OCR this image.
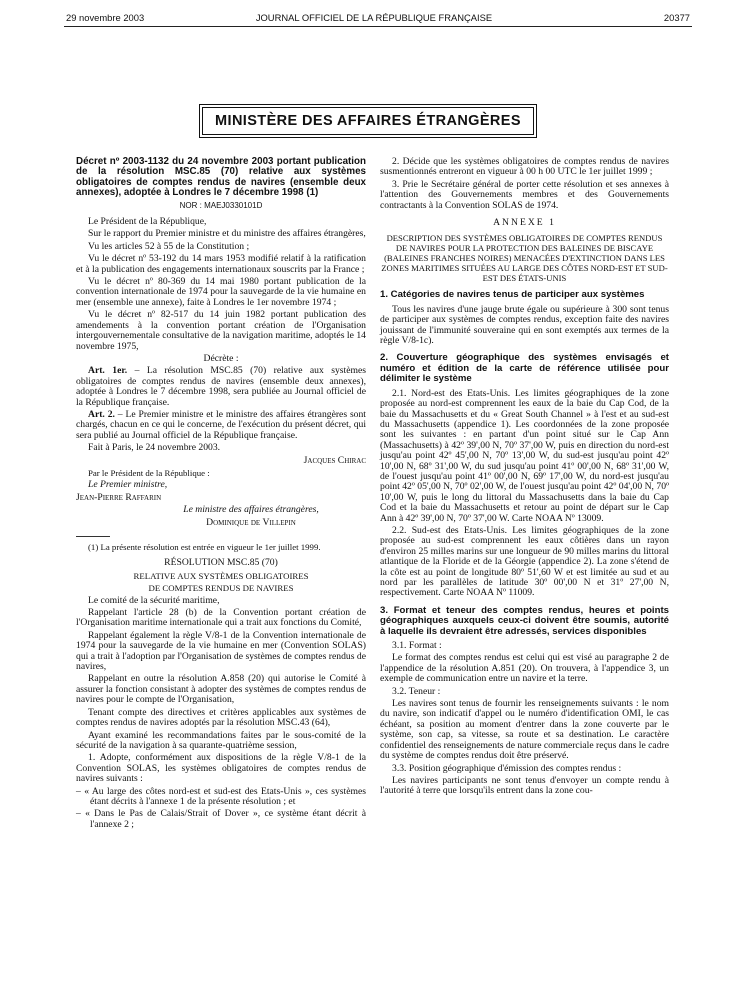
29 novembre 2003	JOURNAL OFFICIEL DE LA RÉPUBLIQUE FRANÇAISE	20377
MINISTÈRE DES AFFAIRES ÉTRANGÈRES

Décret nº 2003-1132 du 24 novembre 2003 portant publication de la résolution MSC.85 (70) relative aux systèmes obligatoires de comptes rendus de navires (ensemble deux annexes), adoptée à Londres le 7 décembre 1998 (1)

NOR : MAEJ0330101D

Le Président de la République,

Sur le rapport du Premier ministre et du ministre des affaires étrangères,

Vu les articles 52 à 55 de la Constitution ;

Vu le décret nº 53-192 du 14 mars 1953 modifié relatif à la ratification et à la publication des engagements internationaux souscrits par la France ;

Vu le décret nº 80-369 du 14 mai 1980 portant publication de la convention internationale de 1974 pour la sauvegarde de la vie humaine en mer (ensemble une annexe), faite à Londres le 1er novembre 1974 ;

Vu le décret nº 82-517 du 14 juin 1982 portant publication des amendements à la convention portant création de l'Organisation intergouvernementale consultative de la navigation maritime, adoptés le 14 novembre 1975,

Décrète :

Art. 1er. – La résolution MSC.85 (70) relative aux systèmes obligatoires de comptes rendus de navires (ensemble deux annexes), adoptée à Londres le 7 décembre 1998, sera publiée au Journal officiel de la République française.

Art. 2. – Le Premier ministre et le ministre des affaires étrangères sont chargés, chacun en ce qui le concerne, de l'exécution du présent décret, qui sera publié au Journal officiel de la République française.

Fait à Paris, le 24 novembre 2003.

Jacques Chirac

Par le Président de la République :

Le Premier ministre,

Jean-Pierre Raffarin

Le ministre des affaires étrangères,

Dominique de Villepin

(1) La présente résolution est entrée en vigueur le 1er juillet 1999.

RÉSOLUTION MSC.85 (70)

RELATIVE AUX SYSTÈMES OBLIGATOIRES

DE COMPTES RENDUS DE NAVIRES

Le comité de la sécurité maritime,

Rappelant l'article 28 (b) de la Convention portant création de l'Organisation maritime internationale qui a trait aux fonctions du Comité,

Rappelant également la règle V/8-1 de la Convention internationale de 1974 pour la sauvegarde de la vie humaine en mer (Convention SOLAS) qui a trait à l'adoption par l'Organisation de systèmes de comptes rendus de navires,

Rappelant en outre la résolution A.858 (20) qui autorise le Comité à assurer la fonction consistant à adopter des systèmes de comptes rendus de navires pour le compte de l'Organisation,

Tenant compte des directives et critères applicables aux systèmes de comptes rendus de navires adoptés par la résolution MSC.43 (64),

Ayant examiné les recommandations faites par le sous-comité de la sécurité de la navigation à sa quarante-quatrième session,

1. Adopte, conformément aux dispositions de la règle V/8-1 de la Convention SOLAS, les systèmes obligatoires de comptes rendus de navires suivants :

– « Au large des côtes nord-est et sud-est des Etats-Unis », ces systèmes étant décrits à l'annexe 1 de la présente résolution ; et

– « Dans le Pas de Calais/Strait of Dover », ce système étant décrit à l'annexe 2 ;

2. Décide que les systèmes obligatoires de comptes rendus de navires susmentionnés entreront en vigueur à 00 h 00 UTC le 1er juillet 1999 ;

3. Prie le Secrétaire général de porter cette résolution et ses annexes à l'attention des Gouvernements membres et des Gouvernements contractants à la Convention SOLAS de 1974.

ANNEXE 1

DESCRIPTION DES SYSTÈMES OBLIGATOIRES DE COMPTES RENDUS DE NAVIRES POUR LA PROTECTION DES BALEINES DE BISCAYE (BALEINES FRANCHES NOIRES) MENACÉES D'EXTINCTION DANS LES ZONES MARITIMES SITUÉES AU LARGE DES CÔTES NORD-EST ET SUD-EST DES ÉTATS-UNIS

1. Catégories de navires tenus de participer aux systèmes

Tous les navires d'une jauge brute égale ou supérieure à 300 sont tenus de participer aux systèmes de comptes rendus, exception faite des navires jouissant de l'immunité souveraine qui en sont exemptés aux termes de la règle V/8-1c).

2. Couverture géographique des systèmes envisagés et numéro et édition de la carte de référence utilisée pour délimiter le système

2.1. Nord-est des Etats-Unis. Les limites géographiques de la zone proposée au nord-est comprennent les eaux de la baie du Cap Cod, de la baie du Massachusetts et du « Great South Channel » à l'est et au sud-est du Massachusetts (appendice 1). Les coordonnées de la zone proposée sont les suivantes : en partant d'un point situé sur le Cap Ann (Massachusetts) à 42º 39',00 N, 70º 37',00 W, puis en direction du nord-est jusqu'au point 42º 45',00 N, 70º 13',00 W, du sud-est jusqu'au point 42º 10',00 N, 68º 31',00 W, du sud jusqu'au point 41º 00',00 N, 68º 31',00 W, de l'ouest jusqu'au point 41º 00',00 N, 69º 17',00 W, du nord-est jusqu'au point 42º 05',00 N, 70º 02',00 W, de l'ouest jusqu'au point 42º 04',00 N, 70º 10',00 W, puis le long du littoral du Massachusetts dans la baie du Cap Cod et la baie du Massachusetts et retour au point de départ sur le Cap Ann à 42º 39',00 N, 70º 37',00 W. Carte NOAA Nº 13009.

2.2. Sud-est des Etats-Unis. Les limites géographiques de la zone proposée au sud-est comprennent les eaux côtières dans un rayon d'environ 25 milles marins sur une longueur de 90 milles marins du littoral atlantique de la Floride et de la Géorgie (appendice 2). La zone s'étend de la côte est au point de longitude 80º 51',60 W et est limitée au sud et au nord par les parallèles de latitude 30º 00',00 N et 31º 27',00 N, respectivement. Carte NOAA Nº 11009.

3. Format et teneur des comptes rendus, heures et points géographiques auxquels ceux-ci doivent être soumis, autorité à laquelle ils devraient être adressés, services disponibles

3.1. Format :

Le format des comptes rendus est celui qui est visé au paragraphe 2 de l'appendice de la résolution A.851 (20). On trouvera, à l'appendice 3, un exemple de communication entre un navire et la terre.

3.2. Teneur :

Les navires sont tenus de fournir les renseignements suivants : le nom du navire, son indicatif d'appel ou le numéro d'identification OMI, le cas échéant, sa position au moment d'entrer dans la zone couverte par le système, son cap, sa vitesse, sa route et sa destination. Le caractère confidentiel des renseignements de nature commerciale reçus dans le cadre du système de comptes rendus doit être préservé.

3.3. Position géographique d'émission des comptes rendus :

Les navires participants ne sont tenus d'envoyer un compte rendu à l'autorité à terre que lorsqu'ils entrent dans la zone cou-
